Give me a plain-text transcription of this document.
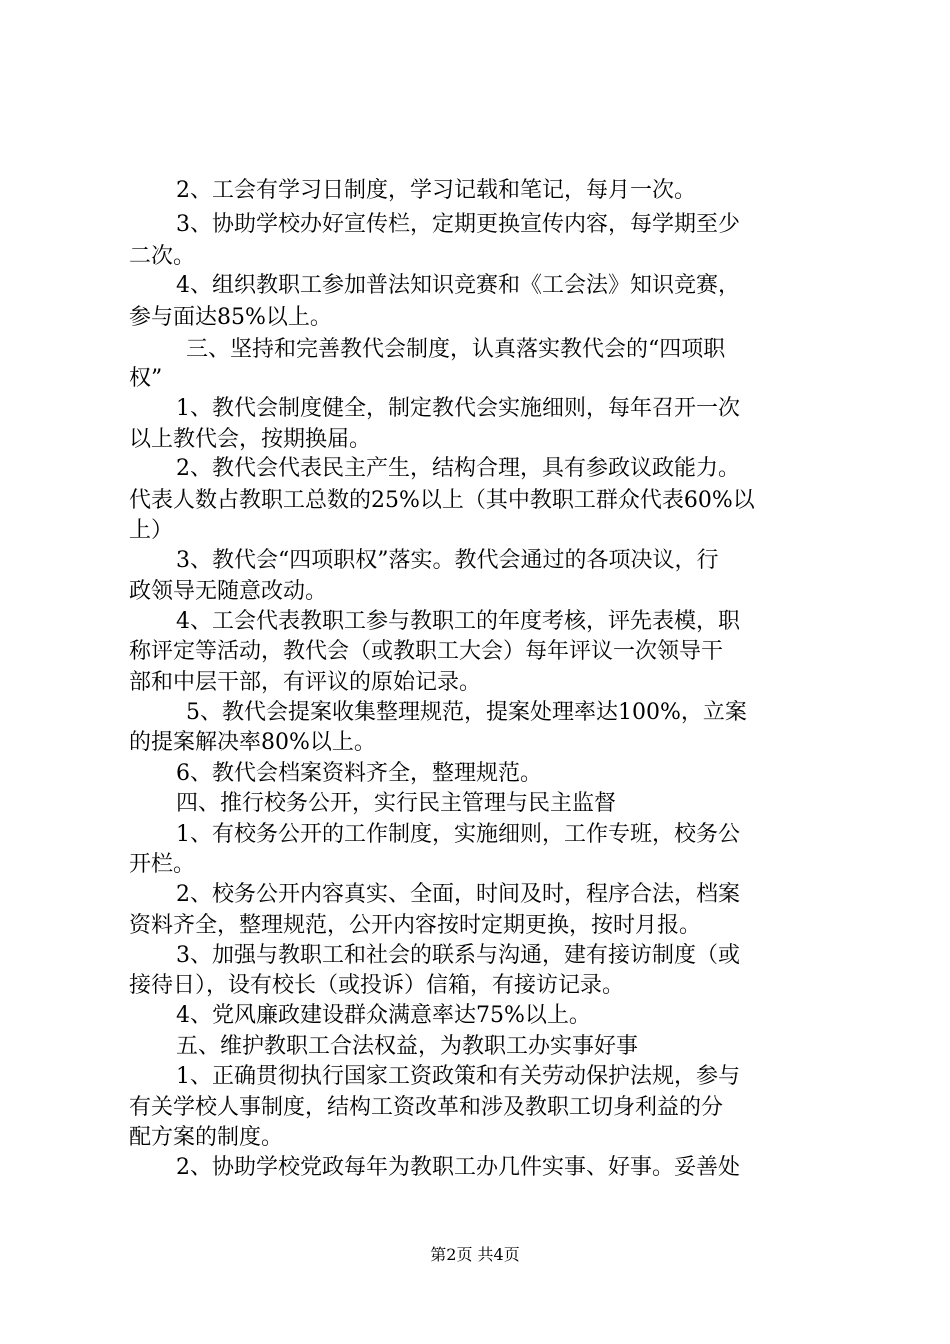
2、工会有学习日制度，学习记载和笔记，每月一次。

3、协助学校办好宣传栏，定期更换宣传内容，每学期至少

二次。

4、组织教职工参加普法知识竞赛和《工会法》知识竞赛，

参与面达85%以上。

三、坚持和完善教代会制度，认真落实教代会的“四项职

权”

1、教代会制度健全，制定教代会实施细则，每年召开一次

以上教代会，按期换届。

2、教代会代表民主产生，结构合理，具有参政议政能力。

代表人数占教职工总数的25%以上（其中教职工群众代表60%以

上）

3、教代会“四项职权”落实。教代会通过的各项决议，行

政领导无随意改动。

4、工会代表教职工参与教职工的年度考核，评先表模，职

称评定等活动，教代会（或教职工大会）每年评议一次领导干

部和中层干部，有评议的原始记录。

5、教代会提案收集整理规范，提案处理率达100%，立案

的提案解决率80%以上。

6、教代会档案资料齐全，整理规范。

四、推行校务公开，实行民主管理与民主监督

1、有校务公开的工作制度，实施细则，工作专班，校务公

开栏。

2、校务公开内容真实、全面，时间及时，程序合法，档案

资料齐全，整理规范，公开内容按时定期更换，按时月报。

3、加强与教职工和社会的联系与沟通，建有接访制度（或

接待日），设有校长（或投诉）信箱，有接访记录。

4、党风廉政建设群众满意率达75%以上。

五、维护教职工合法权益，为教职工办实事好事

1、正确贯彻执行国家工资政策和有关劳动保护法规，参与

有关学校人事制度，结构工资改革和涉及教职工切身利益的分

配方案的制度。

2、协助学校党政每年为教职工办几件实事、好事。妥善处

第2页 共4页
